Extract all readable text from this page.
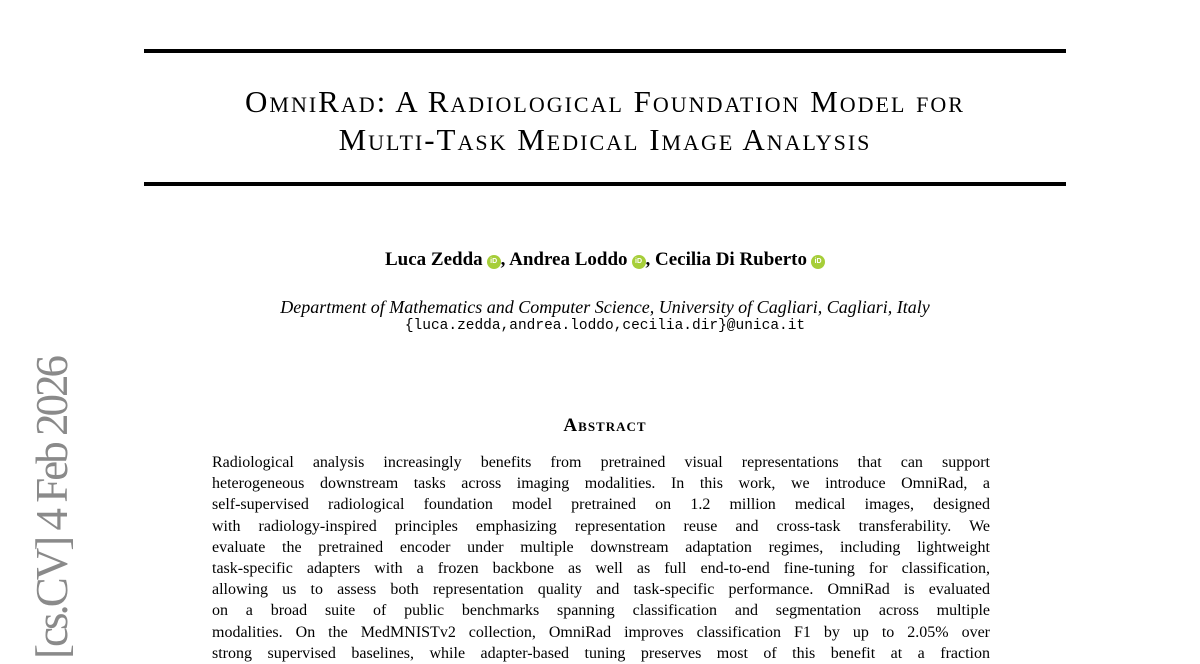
[cs.CV] 4 Feb 2026
OmniRad: A Radiological Foundation Model for
Multi-Task Medical Image Analysis
Luca Zedda iD , Andrea Loddo iD , Cecilia Di Ruberto iD
Department of Mathematics and Computer Science, University of Cagliari, Cagliari, Italy
{luca.zedda,andrea.loddo,cecilia.dir}@unica.it
Abstract
Radiological analysis increasingly benefits from pretrained visual representations that can support
heterogeneous downstream tasks across imaging modalities. In this work, we introduce OmniRad, a
self-supervised radiological foundation model pretrained on 1.2 million medical images, designed
with radiology-inspired principles emphasizing representation reuse and cross-task transferability. We
evaluate the pretrained encoder under multiple downstream adaptation regimes, including lightweight
task-specific adapters with a frozen backbone as well as full end-to-end fine-tuning for classification,
allowing us to assess both representation quality and task-specific performance. OmniRad is evaluated
on a broad suite of public benchmarks spanning classification and segmentation across multiple
modalities. On the MedMNISTv2 collection, OmniRad improves classification F1 by up to 2.05% over
strong supervised baselines, while adapter-based tuning preserves most of this benefit at a fraction
